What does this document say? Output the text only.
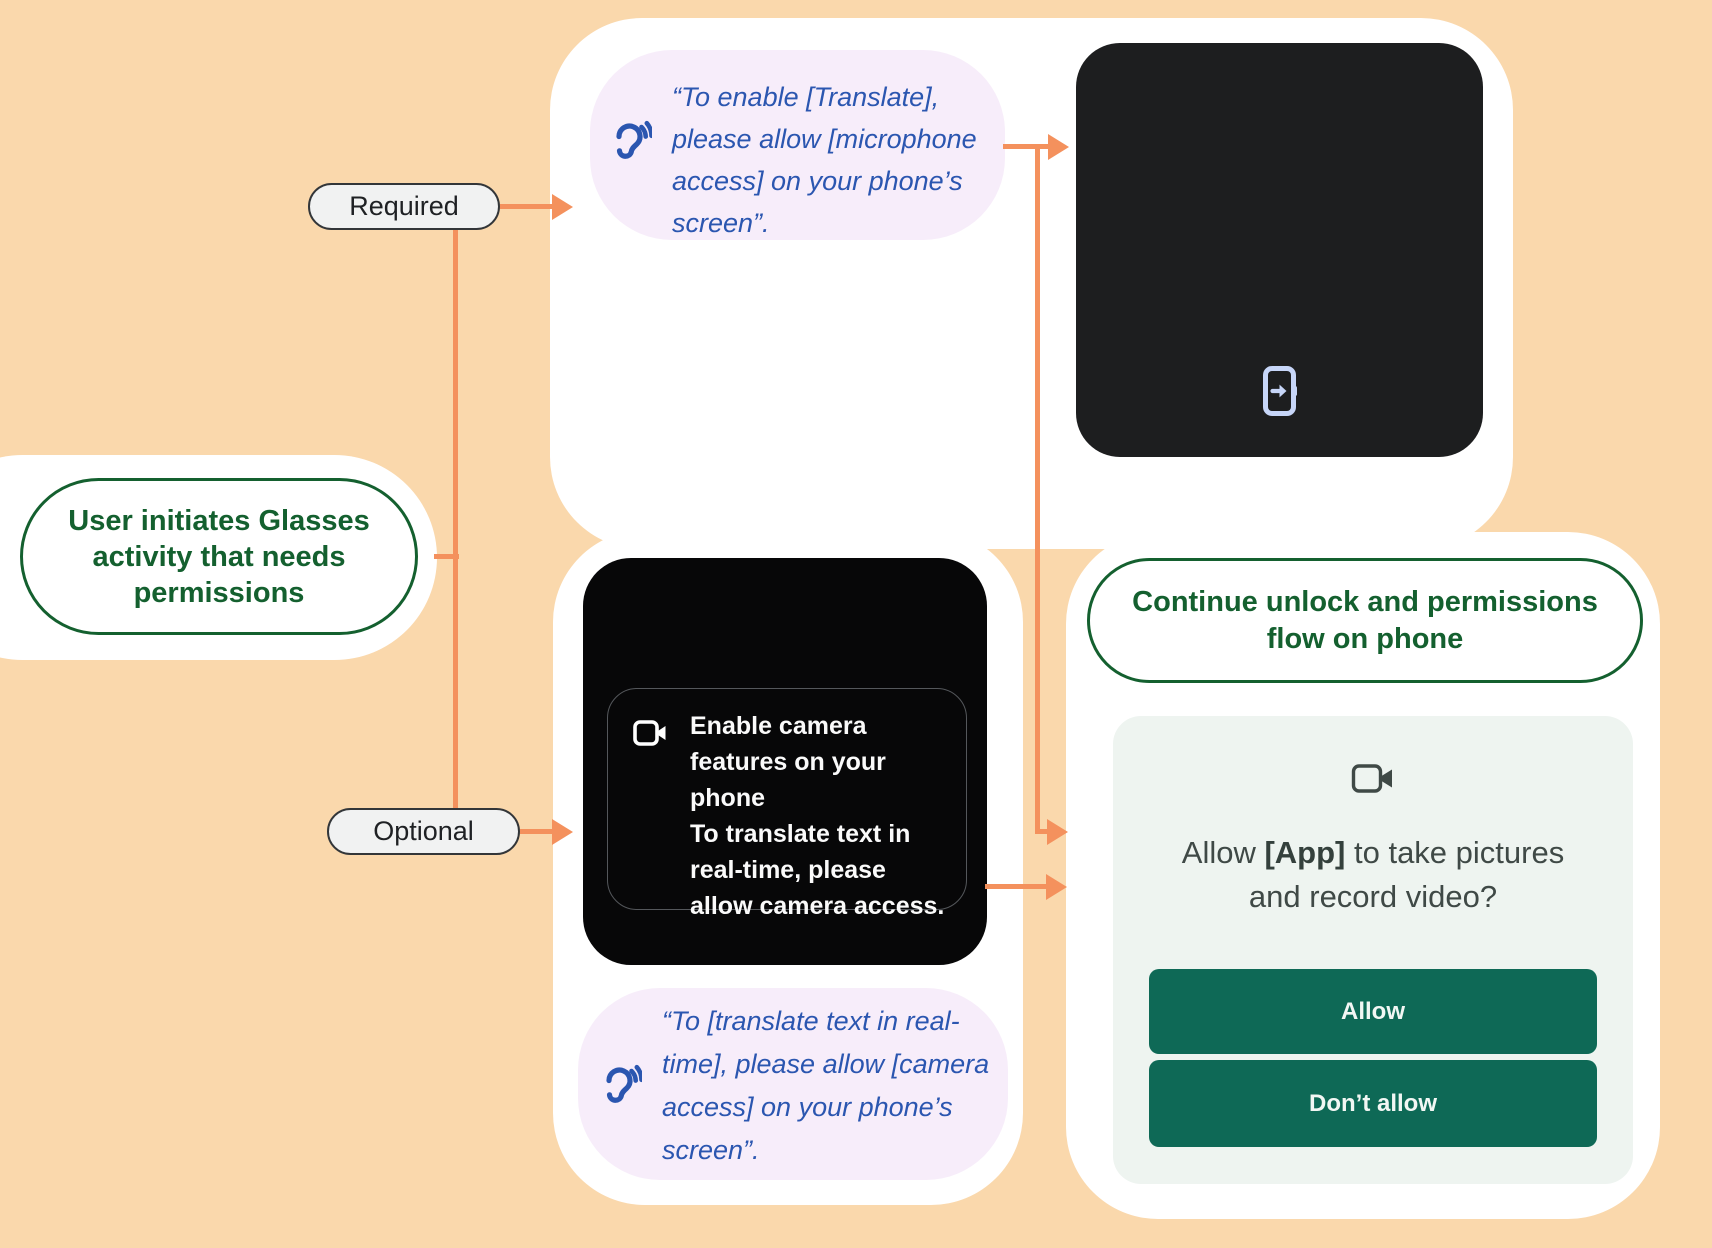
User initiates Glasses
activity that needs
permissions
Required
Optional
“To enable [Translate],
please allow [microphone
access] on your phone’s
screen”.
Enable camera
features on your
phone
To translate text in
real-time, please
allow camera access.
“To [translate text in real-
time], please allow [camera
access] on your phone’s
screen”.
Continue unlock and permissions
flow on phone
Allow [App] to take pictures
and record video?
Allow
Don’t allow
